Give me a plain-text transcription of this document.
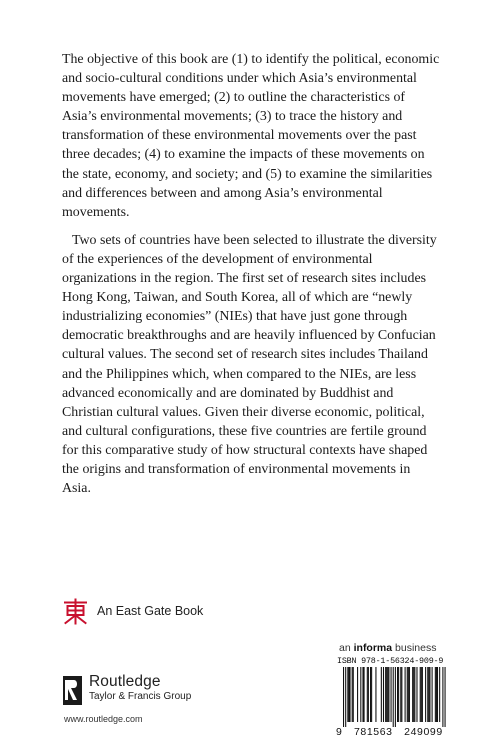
The objective of this book are (1) to identify the political, economic and socio-cultural conditions under which Asia’s environmental movements have emerged; (2) to outline the characteristics of Asia’s environmental movements; (3) to trace the history and transformation of these environmental movements over the past three decades; (4) to examine the impacts of these movements on the state, economy, and society; and (5) to examine the similarities and differences between and among Asia’s environmental movements.

Two sets of countries have been selected to illustrate the diversity of the experiences of the development of environmental organizations in the region. The first set of research sites includes Hong Kong, Taiwan, and South Korea, all of which are “newly industrializing economies” (NIEs) that have just gone through democratic breakthroughs and are heavily influenced by Confucian cultural values. The second set of research sites includes Thailand and the Philippines which, when compared to the NIEs, are less advanced economically and are dominated by Buddhist and Christian cultural values. Given their diverse economic, political, and cultural configurations, these five countries are fertile ground for this comparative study of how structural contexts have shaped the origins and transformation of environmental movements in Asia.

An East Gate Book
Routledge
Taylor & Francis Group
www.routledge.com
an informa business
ISBN 978-1-56324-909-9
9 781563 249099
